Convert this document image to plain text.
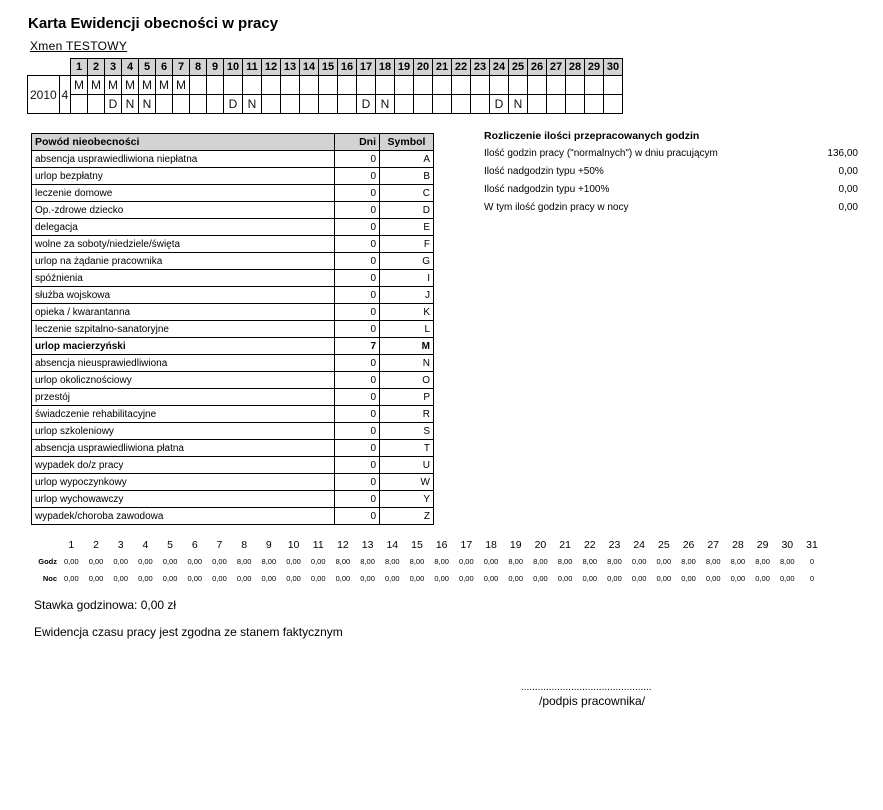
Karta Ewidencji obecności w pracy
Xmen TESTOWY
		1	2	3	4	5	6	7	8	9	10	11	12	13	14	15	16	17	18	19	20	21	22	23	24	25	26	27	28	29	30
2010	4	M	M	M	M	M	M	M																							
				D	N	N					D	N						D	N						D	N					
Powód nieobecności	Dni	Symbol
absencja usprawiedliwiona niepłatna	0	A
urlop bezpłatny	0	B
leczenie domowe	0	C
Op.-zdrowe dziecko	0	D
delegacja	0	E
wolne za soboty/niedziele/święta	0	F
urlop na żądanie pracownika	0	G
spóźnienia	0	I
służba wojskowa	0	J
opieka / kwarantanna	0	K
leczenie szpitalno-sanatoryjne	0	L
urlop macierzyński	7	M
absencja nieusprawiedliwiona	0	N
urlop okolicznościowy	0	O
przestój	0	P
świadczenie rehabilitacyjne	0	R
urlop szkoleniowy	0	S
absencja usprawiedliwiona płatna	0	T
wypadek do/z pracy	0	U
urlop wypoczynkowy	0	W
urlop wychowawczy	0	Y
wypadek/choroba zawodowa	0	Z
Rozliczenie ilości przepracowanych godzin
Ilość godzin pracy ("normalnych") w dniu pracującym	136,00
Ilość nadgodzin typu +50%	0,00
Ilość nadgodzin typu +100%	0,00
W tym ilość godzin pracy w nocy	0,00
	1	2	3	4	5	6	7	8	9	10	11	12	13	14	15	16	17	18	19	20	21	22	23	24	25	26	27	28	29	30	31
Godz	0,00	0,00	0,00	0,00	0,00	0,00	0,00	8,00	8,00	0,00	0,00	8,00	8,00	8,00	8,00	8,00	0,00	0,00	8,00	8,00	8,00	8,00	8,00	0,00	0,00	8,00	8,00	8,00	8,00	8,00	0
Noc	0,00	0,00	0,00	0,00	0,00	0,00	0,00	0,00	0,00	0,00	0,00	0,00	0,00	0,00	0,00	0,00	0,00	0,00	0,00	0,00	0,00	0,00	0,00	0,00	0,00	0,00	0,00	0,00	0,00	0,00	0
Stawka godzinowa: 0,00 zł
Ewidencja czasu pracy jest zgodna ze stanem faktycznym
...............................................
/podpis pracownika/
